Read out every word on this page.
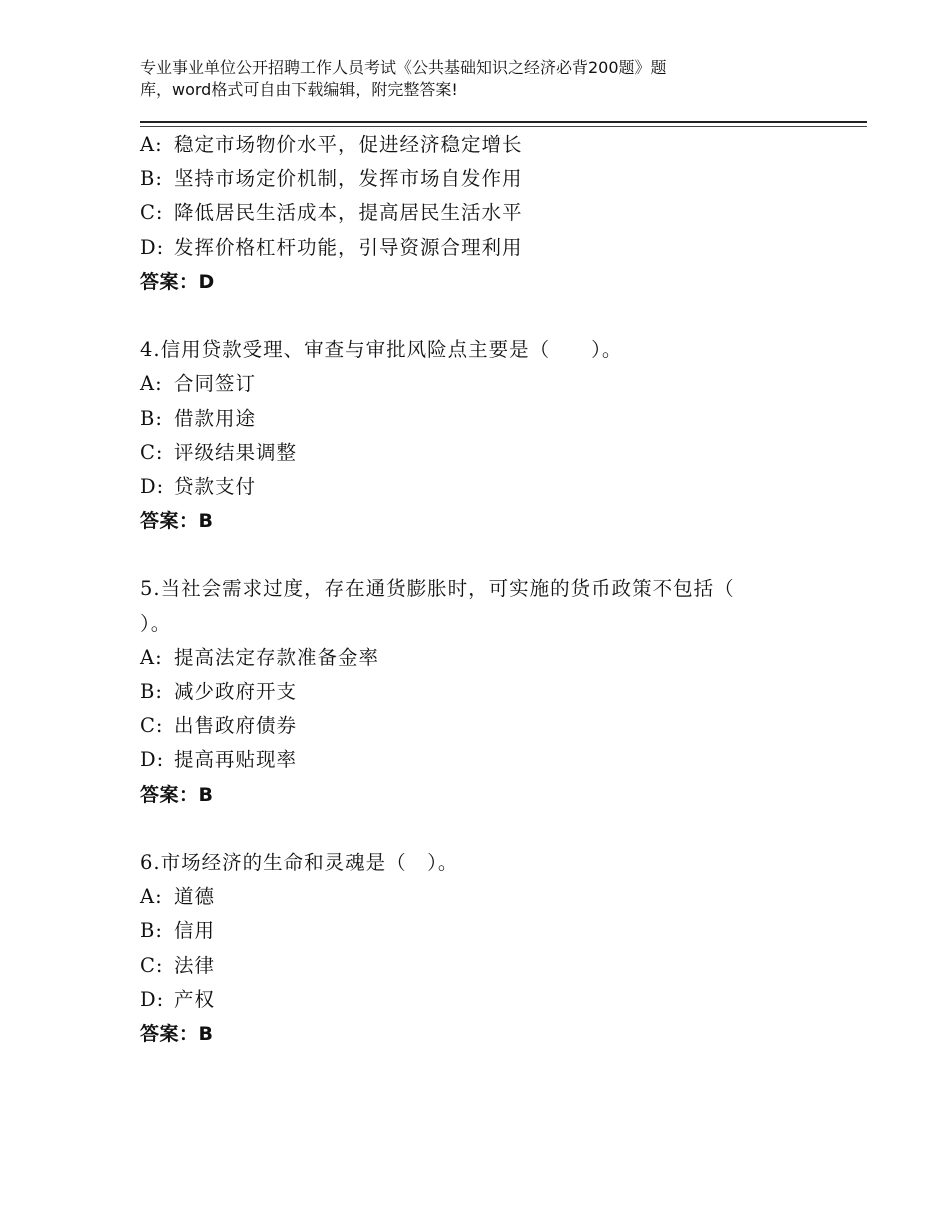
专业事业单位公开招聘工作人员考试《公共基础知识之经济必背200题》题
库，word格式可自由下载编辑，附完整答案!
A: 稳定市场物价水平，促进经济稳定增长
B: 坚持市场定价机制，发挥市场自发作用
C: 降低居民生活成本，提高居民生活水平
D: 发挥价格杠杆功能，引导资源合理利用
答案：D
4.信用贷款受理、审查与审批风险点主要是（　　）。
A: 合同签订
B: 借款用途
C: 评级结果调整
D: 贷款支付
答案：B
5.当社会需求过度，存在通货膨胀时，可实施的货币政策不包括（
）。
A: 提高法定存款准备金率
B: 减少政府开支
C: 出售政府债券
D: 提高再贴现率
答案：B
6.市场经济的生命和灵魂是（　）。
A: 道德
B: 信用
C: 法律
D: 产权
答案：B
